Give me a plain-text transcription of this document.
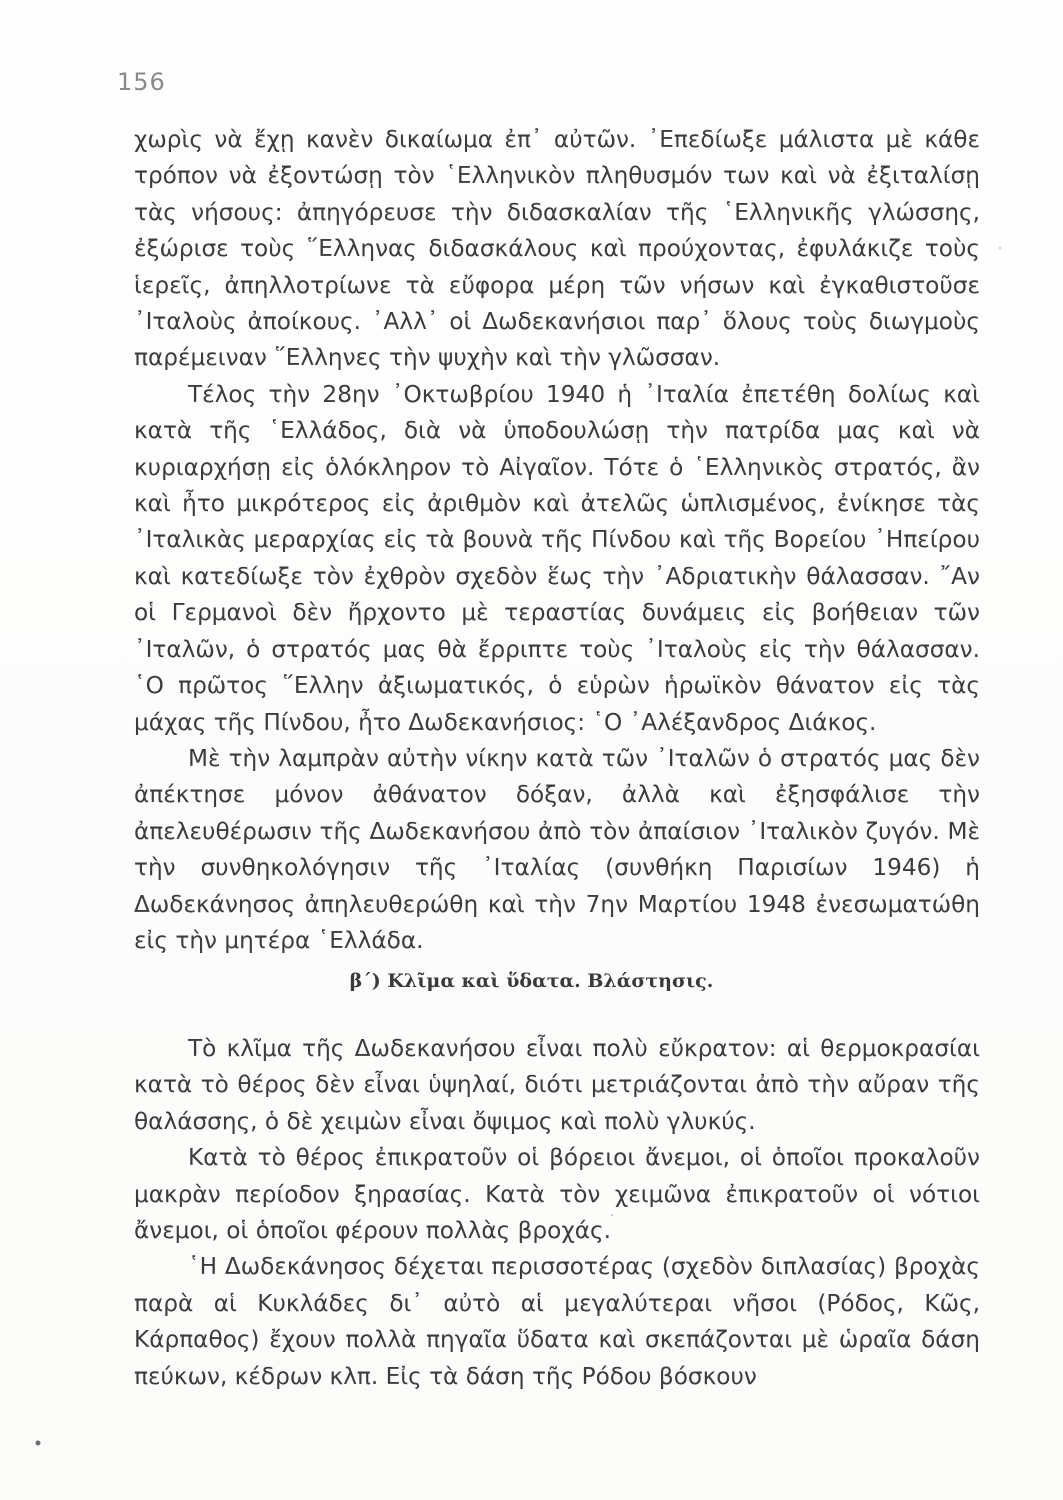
156

χωρὶς νὰ ἔχῃ κανὲν δικαίωμα ἐπ᾽ αὐτῶν. ᾽Επεδίωξε μάλιστα μὲ κάθε τρόπον νὰ ἐξοντώσῃ τὸν ῾Ελληνικὸν πληθυσμόν των καὶ νὰ ἐξιταλίσῃ τὰς νήσους: ἀπηγόρευσε τὴν διδασκαλίαν τῆς ῾Ελληνικῆς γλώσσης, ἐξώρισε τοὺς ῞Ελληνας διδασκάλους καὶ προύχοντας, ἐφυλάκιζε τοὺς ἱερεῖς, ἀπηλλοτρίωνε τὰ εὔφορα μέρη τῶν νήσων καὶ ἐγκαθιστοῦσε ᾽Ιταλοὺς ἀποίκους. ᾽Αλλ᾽ οἱ Δωδεκανήσιοι παρ᾽ ὅλους τοὺς διωγμοὺς παρέμειναν ῞Ελληνες τὴν ψυχὴν καὶ τὴν γλῶσσαν.

Τέλος τὴν 28ην ᾽Οκτωβρίου 1940 ἡ ᾽Ιταλία ἐπετέθη δολίως καὶ κατὰ τῆς ῾Ελλάδος, διὰ νὰ ὑποδουλώσῃ τὴν πατρίδα μας καὶ νὰ κυριαρχήσῃ εἰς ὁλόκληρον τὸ Αἰγαῖον. Τότε ὁ ῾Ελληνικὸς στρατός, ἂν καὶ ἦτο μικρότερος εἰς ἀριθμὸν καὶ ἀτελῶς ὡπλισμένος, ἐνίκησε τὰς ᾽Ιταλικὰς μεραρχίας εἰς τὰ βουνὰ τῆς Πίνδου καὶ τῆς Βορείου ᾽Ηπείρου καὶ κατεδίωξε τὸν ἐχθρὸν σχεδὸν ἕως τὴν ᾽Αδριατικὴν θάλασσαν. ῎Αν οἱ Γερμανοὶ δὲν ἤρχοντο μὲ τεραστίας δυνάμεις εἰς βοήθειαν τῶν ᾽Ιταλῶν, ὁ στρατός μας θὰ ἔρριπτε τοὺς ᾽Ιταλοὺς εἰς τὴν θάλασσαν. ῾Ο πρῶτος ῞Ελλην ἀξιωματικός, ὁ εὑρὼν ἡρωϊκὸν θάνατον εἰς τὰς μάχας τῆς Πίνδου, ἦτο Δωδεκανήσιος: ῾Ο ᾽Αλέξανδρος Διάκος.

Μὲ τὴν λαμπρὰν αὐτὴν νίκην κατὰ τῶν ᾽Ιταλῶν ὁ στρατός μας δὲν ἀπέκτησε μόνον ἀθάνατον δόξαν, ἀλλὰ καὶ ἐξησφάλισε τὴν ἀπελευθέρωσιν τῆς Δωδεκανήσου ἀπὸ τὸν ἀπαίσιον ᾽Ιταλικὸν ζυγόν. Μὲ τὴν συνθηκολόγησιν τῆς ᾽Ιταλίας (συνθήκη Παρισίων 1946) ἡ Δωδεκάνησος ἀπηλευθερώθη καὶ τὴν 7ην Μαρτίου 1948 ἐνεσωματώθη εἰς τὴν μητέρα ῾Ελλάδα.

β΄) Κλῖμα καὶ ὕδατα. Βλάστησις.

Τὸ κλῖμα τῆς Δωδεκανήσου εἶναι πολὺ εὔκρατον: αἱ θερμοκρασίαι κατὰ τὸ θέρος δὲν εἶναι ὑψηλαί, διότι μετριάζονται ἀπὸ τὴν αὔραν τῆς θαλάσσης, ὁ δὲ χειμὼν εἶναι ὄψιμος καὶ πολὺ γλυκύς.

Κατὰ τὸ θέρος ἐπικρατοῦν οἱ βόρειοι ἄνεμοι, οἱ ὁποῖοι προκαλοῦν μακρὰν περίοδον ξηρασίας. Κατὰ τὸν χειμῶνα ἐπικρατοῦν οἱ νότιοι ἄνεμοι, οἱ ὁποῖοι φέρουν πολλὰς βροχάς.

῾Η Δωδεκάνησος δέχεται περισσοτέρας (σχεδὸν διπλασίας) βροχὰς παρὰ αἱ Κυκλάδες δι᾽ αὐτὸ αἱ μεγαλύτεραι νῆσοι (Ρόδος, Κῶς, Κάρπαθος) ἔχουν πολλὰ πηγαῖα ὕδατα καὶ σκεπάζονται μὲ ὡραῖα δάση πεύκων, κέδρων κλπ. Εἰς τὰ δάση τῆς Ρόδου βόσκουν
